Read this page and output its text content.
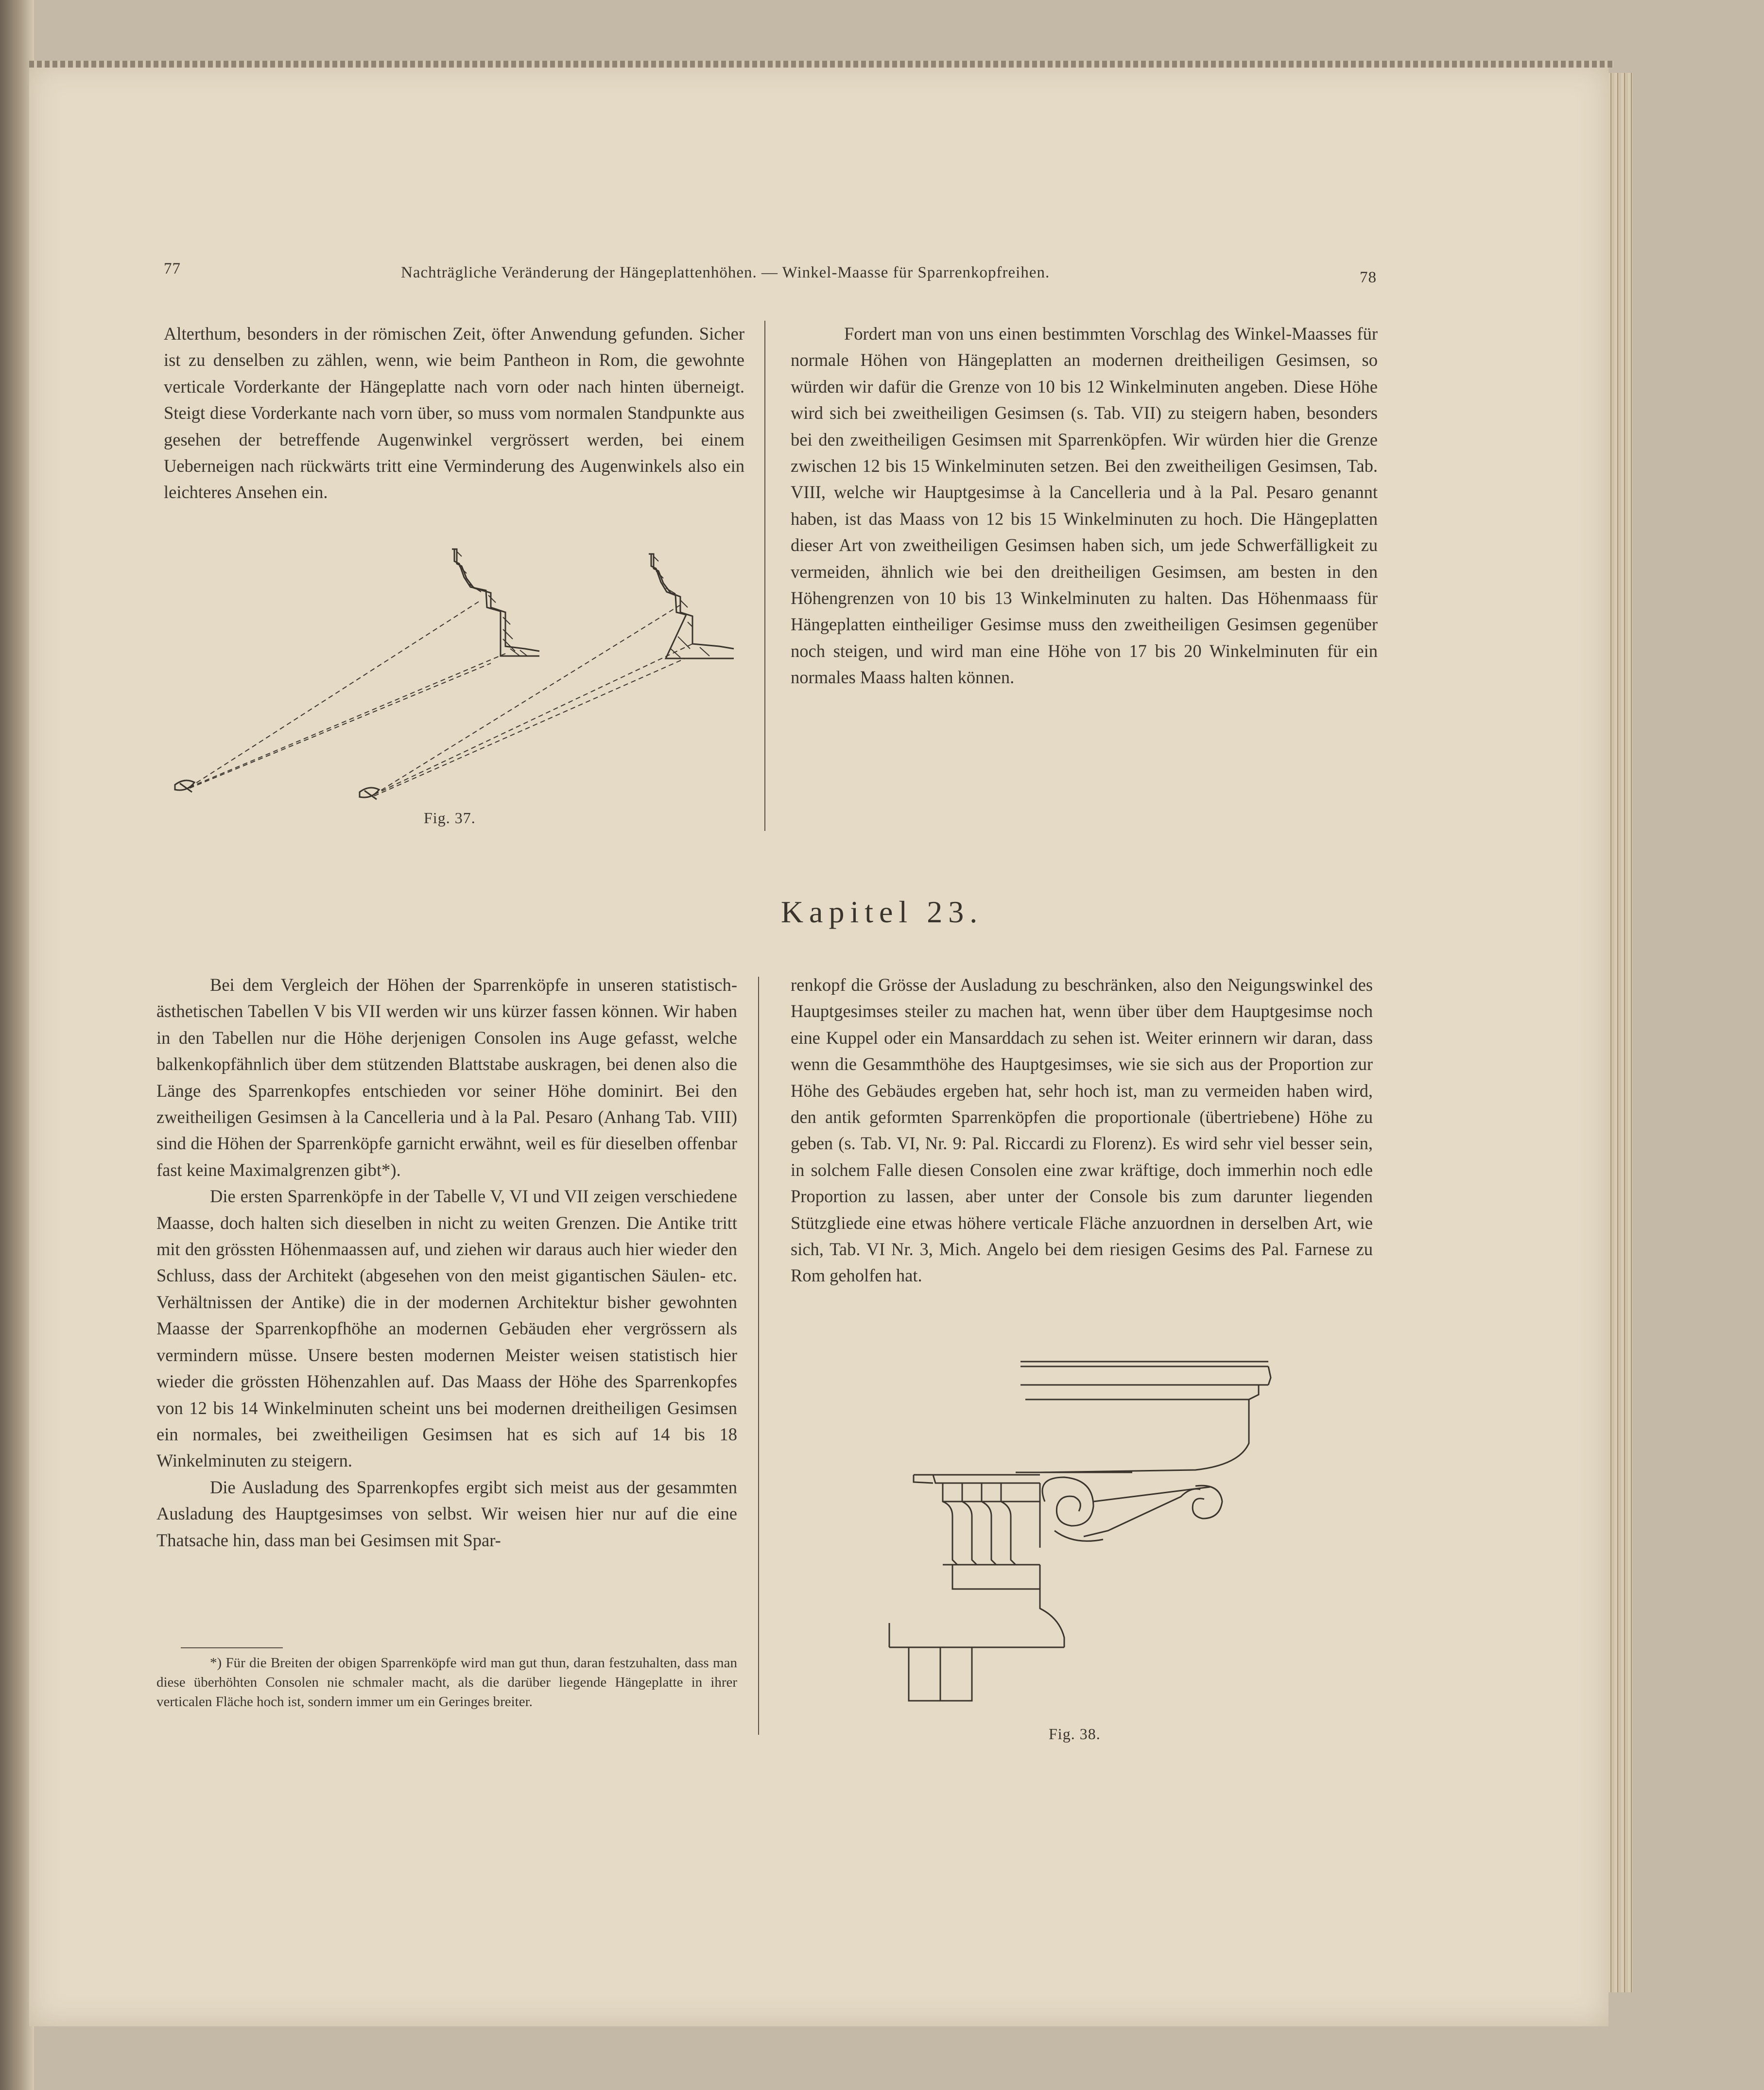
77	Nachträgliche Veränderung der Hängeplattenhöhen. — Winkel-Maasse für Sparrenkopfreihen.	78

Alterthum, besonders in der römischen Zeit, öfter Anwendung gefunden. Sicher ist zu denselben zu zählen, wenn, wie beim Pantheon in Rom, die gewohnte verticale Vorderkante der Hängeplatte nach vorn oder nach hinten überneigt. Steigt diese Vorderkante nach vorn über, so muss vom normalen Standpunkte aus gesehen der betreffende Augenwinkel vergrössert werden, bei einem Ueberneigen nach rückwärts tritt eine Verminderung des Augenwinkels also ein leichteres Ansehen ein.

Fordert man von uns einen bestimmten Vorschlag des Winkel-Maasses für normale Höhen von Hängeplatten an modernen dreitheiligen Gesimsen, so würden wir dafür die Grenze von 10 bis 12 Winkelminuten angeben. Diese Höhe wird sich bei zweitheiligen Gesimsen (s. Tab. VII) zu steigern haben, besonders bei den zweitheiligen Gesimsen mit Sparrenköpfen. Wir würden hier die Grenze zwischen 12 bis 15 Winkelminuten setzen. Bei den zweitheiligen Gesimsen, Tab. VIII, welche wir Hauptgesimse à la Cancelleria und à la Pal. Pesaro genannt haben, ist das Maass von 12 bis 15 Winkelminuten zu hoch. Die Hängeplatten dieser Art von zweitheiligen Gesimsen haben sich, um jede Schwerfälligkeit zu vermeiden, ähnlich wie bei den dreitheiligen Gesimsen, am besten in den Höhengrenzen von 10 bis 13 Winkelminuten zu halten. Das Höhenmaass für Hängeplatten eintheiliger Gesimse muss den zweitheiligen Gesimsen gegenüber noch steigen, und wird man eine Höhe von 17 bis 20 Winkelminuten für ein normales Maass halten können.

Fig. 37.
Kapitel 23.

Bei dem Vergleich der Höhen der Sparrenköpfe in unseren statistisch-ästhetischen Tabellen V bis VII werden wir uns kürzer fassen können. Wir haben in den Tabellen nur die Höhe derjenigen Consolen ins Auge gefasst, welche balkenkopfähnlich über dem stützenden Blattstabe auskragen, bei denen also die Länge des Sparrenkopfes entschieden vor seiner Höhe dominirt. Bei den zweitheiligen Gesimsen à la Cancelleria und à la Pal. Pesaro (Anhang Tab. VIII) sind die Höhen der Sparrenköpfe garnicht erwähnt, weil es für dieselben offenbar fast keine Maximalgrenzen gibt*).

Die ersten Sparrenköpfe in der Tabelle V, VI und VII zeigen verschiedene Maasse, doch halten sich dieselben in nicht zu weiten Grenzen. Die Antike tritt mit den grössten Höhenmaassen auf, und ziehen wir daraus auch hier wieder den Schluss, dass der Architekt (abgesehen von den meist gigantischen Säulen- etc. Verhältnissen der Antike) die in der modernen Architektur bisher gewohnten Maasse der Sparrenkopfhöhe an modernen Gebäuden eher vergrössern als vermindern müsse. Unsere besten modernen Meister weisen statistisch hier wieder die grössten Höhenzahlen auf. Das Maass der Höhe des Sparrenkopfes von 12 bis 14 Winkelminuten scheint uns bei modernen dreitheiligen Gesimsen ein normales, bei zweitheiligen Gesimsen hat es sich auf 14 bis 18 Winkelminuten zu steigern.

Die Ausladung des Sparrenkopfes ergibt sich meist aus der gesammten Ausladung des Hauptgesimses von selbst. Wir weisen hier nur auf die eine Thatsache hin, dass man bei Gesimsen mit Spar-

renkopf die Grösse der Ausladung zu beschränken, also den Neigungswinkel des Hauptgesimses steiler zu machen hat, wenn über über dem Hauptgesimse noch eine Kuppel oder ein Mansarddach zu sehen ist. Weiter erinnern wir daran, dass wenn die Gesammthöhe des Hauptgesimses, wie sie sich aus der Proportion zur Höhe des Gebäudes ergeben hat, sehr hoch ist, man zu vermeiden haben wird, den antik geformten Sparrenköpfen die proportionale (übertriebene) Höhe zu geben (s. Tab. VI, Nr. 9: Pal. Riccardi zu Florenz). Es wird sehr viel besser sein, in solchem Falle diesen Consolen eine zwar kräftige, doch immerhin noch edle Proportion zu lassen, aber unter der Console bis zum darunter liegenden Stützgliede eine etwas höhere verticale Fläche anzuordnen in derselben Art, wie sich, Tab. VI Nr. 3, Mich. Angelo bei dem riesigen Gesims des Pal. Farnese zu Rom geholfen hat.

Fig. 38.

*) Für die Breiten der obigen Sparrenköpfe wird man gut thun, daran festzuhalten, dass man diese überhöhten Consolen nie schmaler macht, als die darüber liegende Hängeplatte in ihrer verticalen Fläche hoch ist, sondern immer um ein Geringes breiter.
